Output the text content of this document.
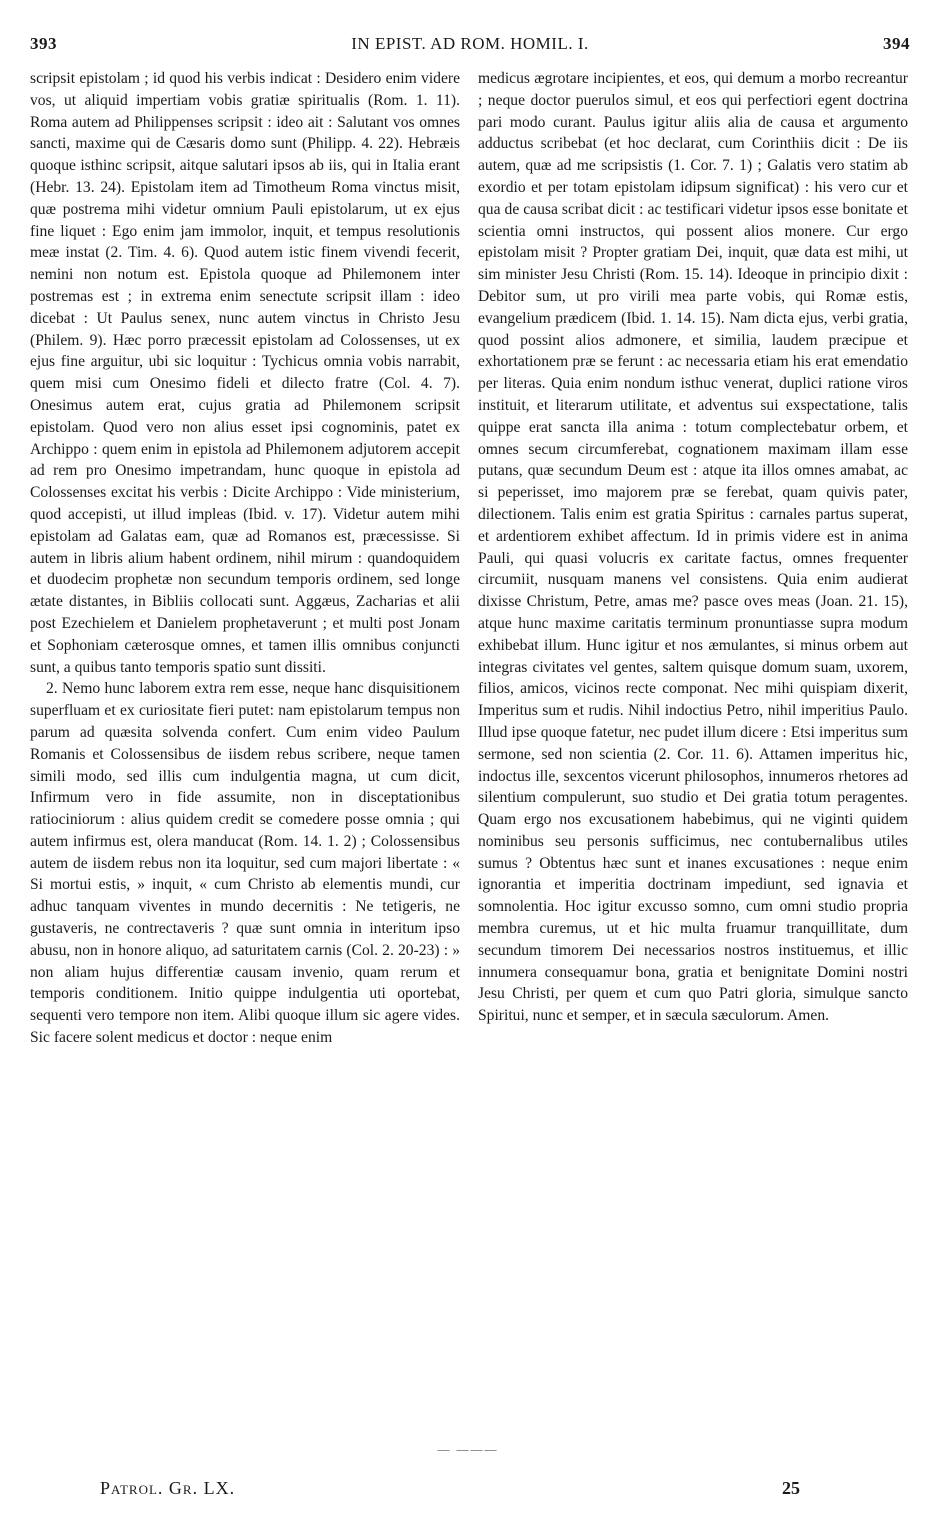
393	IN EPIST. AD ROM. HOMIL. I.	394

scripsit epistolam ; id quod his verbis indicat : Desidero enim videre vos, ut aliquid impertiam vobis gratiæ spiritualis (Rom. 1. 11). Roma autem ad Philippenses scripsit : ideo ait : Salutant vos omnes sancti, maxime qui de Cæsaris domo sunt (Philipp. 4. 22). Hebræis quoque isthinc scripsit, aitque salutari ipsos ab iis, qui in Italia erant (Hebr. 13. 24). Epistolam item ad Timotheum Roma vinctus misit, quæ postrema mihi videtur omnium Pauli epistolarum, ut ex ejus fine liquet : Ego enim jam immolor, inquit, et tempus resolutionis meæ instat (2. Tim. 4. 6). Quod autem istic finem vivendi fecerit, nemini non notum est. Epistola quoque ad Philemonem inter postremas est ; in extrema enim senectute scripsit illam : ideo dicebat : Ut Paulus senex, nunc autem vinctus in Christo Jesu (Philem. 9). Hæc porro præcessit epistolam ad Colossenses, ut ex ejus fine arguitur, ubi sic loquitur : Tychicus omnia vobis narrabit, quem misi cum Onesimo fideli et dilecto fratre (Col. 4. 7). Onesimus autem erat, cujus gratia ad Philemonem scripsit epistolam. Quod vero non alius esset ipsi cognominis, patet ex Archippo : quem enim in epistola ad Philemonem adjutorem accepit ad rem pro Onesimo impetrandam, hunc quoque in epistola ad Colossenses excitat his verbis : Dicite Archippo : Vide ministerium, quod accepisti, ut illud impleas (Ibid. v. 17). Videtur autem mihi epistolam ad Galatas eam, quæ ad Romanos est, præcessisse. Si autem in libris alium habent ordinem, nihil mirum : quandoquidem et duodecim prophetæ non secundum temporis ordinem, sed longe ætate distantes, in Bibliis collocati sunt. Aggæus, Zacharias et alii post Ezechielem et Danielem prophetaverunt ; et multi post Jonam et Sophoniam cæterosque omnes, et tamen illis omnibus conjuncti sunt, a quibus tanto temporis spatio sunt dissiti.

2. Nemo hunc laborem extra rem esse, neque hanc disquisitionem superfluam et ex curiositate fieri putet: nam epistolarum tempus non parum ad quæsita solvenda confert. Cum enim video Paulum Romanis et Colossensibus de iisdem rebus scribere, neque tamen simili modo, sed illis cum indulgentia magna, ut cum dicit, Infirmum vero in fide assumite, non in disceptationibus ratiociniorum : alius quidem credit se comedere posse omnia ; qui autem infirmus est, olera manducat (Rom. 14. 1. 2) ; Colossensibus autem de iisdem rebus non ita loquitur, sed cum majori libertate : « Si mortui estis, » inquit, « cum Christo ab elementis mundi, cur adhuc tanquam viventes in mundo decernitis : Ne tetigeris, ne gustaveris, ne contrectaveris ? quæ sunt omnia in interitum ipso abusu, non in honore aliquo, ad saturitatem carnis (Col. 2. 20-23) : » non aliam hujus differentiæ causam invenio, quam rerum et temporis conditionem. Initio quippe indulgentia uti oportebat, sequenti vero tempore non item. Alibi quoque illum sic agere vides. Sic facere solent medicus et doctor : neque enim

medicus ægrotare incipientes, et eos, qui demum a morbo recreantur ; neque doctor puerulos simul, et eos qui perfectiori egent doctrina pari modo curant. Paulus igitur aliis alia de causa et argumento adductus scribebat (et hoc declarat, cum Corinthiis dicit : De iis autem, quæ ad me scripsistis (1. Cor. 7. 1) ; Galatis vero statim ab exordio et per totam epistolam idipsum significat) : his vero cur et qua de causa scribat dicit : ac testificari videtur ipsos esse bonitate et scientia omni instructos, qui possent alios monere. Cur ergo epistolam misit ? Propter gratiam Dei, inquit, quæ data est mihi, ut sim minister Jesu Christi (Rom. 15. 14). Ideoque in principio dixit : Debitor sum, ut pro virili mea parte vobis, qui Romæ estis, evangelium prædicem (Ibid. 1. 14. 15). Nam dicta ejus, verbi gratia, quod possint alios admonere, et similia, laudem præcipue et exhortationem præ se ferunt : ac necessaria etiam his erat emendatio per literas. Quia enim nondum isthuc venerat, duplici ratione viros instituit, et literarum utilitate, et adventus sui exspectatione, talis quippe erat sancta illa anima : totum complectebatur orbem, et omnes secum circumferebat, cognationem maximam illam esse putans, quæ secundum Deum est : atque ita illos omnes amabat, ac si peperisset, imo majorem præ se ferebat, quam quivis pater, dilectionem. Talis enim est gratia Spiritus : carnales partus superat, et ardentiorem exhibet affectum. Id in primis videre est in anima Pauli, qui quasi volucris ex caritate factus, omnes frequenter circumiit, nusquam manens vel consistens. Quia enim audierat dixisse Christum, Petre, amas me? pasce oves meas (Joan. 21. 15), atque hunc maxime caritatis terminum pronuntiasse supra modum exhibebat illum. Hunc igitur et nos æmulantes, si minus orbem aut integras civitates vel gentes, saltem quisque domum suam, uxorem, filios, amicos, vicinos recte componat. Nec mihi quispiam dixerit, Imperitus sum et rudis. Nihil indoctius Petro, nihil imperitius Paulo. Illud ipse quoque fatetur, nec pudet illum dicere : Etsi imperitus sum sermone, sed non scientia (2. Cor. 11. 6). Attamen imperitus hic, indoctus ille, sexcentos vicerunt philosophos, innumeros rhetores ad silentium compulerunt, suo studio et Dei gratia totum peragentes. Quam ergo nos excusationem habebimus, qui ne viginti quidem nominibus seu personis sufficimus, nec contubernalibus utiles sumus ? Obtentus hæc sunt et inanes excusationes : neque enim ignorantia et imperitia doctrinam impediunt, sed ignavia et somnolentia. Hoc igitur excusso somno, cum omni studio propria membra curemus, ut et hic multa fruamur tranquillitate, dum secundum timorem Dei necessarios nostros instituemus, et illic innumera consequamur bona, gratia et benignitate Domini nostri Jesu Christi, per quem et cum quo Patri gloria, simulque sancto Spiritui, nunc et semper, et in sæcula sæculorum. Amen.

— ———
Patrol. Gr. LX.	25
